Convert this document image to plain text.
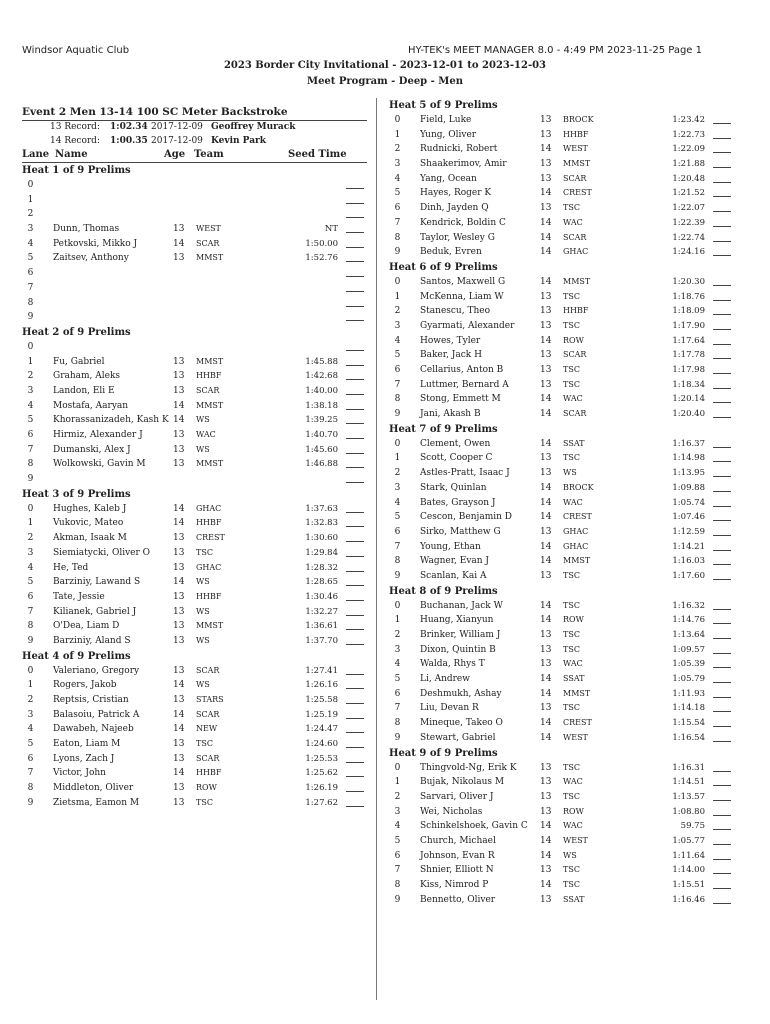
Windsor Aquatic Club	HY-TEK's MEET MANAGER 8.0 - 4:49 PM 2023-11-25 Page 1
2023 Border City Invitational - 2023-12-01 to 2023-12-03
Meet Program - Deep - Men
Event 2 Men 13-14 100 SC Meter Backstroke
13 Record: 1:02.34 2017-12-09 Geoffrey Murack
14 Record: 1:00.35 2017-12-09 Kevin Park
Lane Name	Age Team	Seed Time
Heat 1 of 9 Prelims
0
1
2
3	Dunn, Thomas	13 WEST	NT
4	Petkovski, Mikko J	14 SCAR	1:50.00
5	Zaitsev, Anthony	13 MMST	1:52.76
6
7
8
9
Heat 2 of 9 Prelims
0
1	Fu, Gabriel	13 MMST	1:45.88
2	Graham, Aleks	13 HHBF	1:42.68
3	Landon, Eli E	13 SCAR	1:40.00
4	Mostafa, Aaryan	14 MMST	1:38.18
5	Khorassanizadeh, Kash K 14 WS	1:39.25
6	Hirmiz, Alexander J	13 WAC	1:40.70
7	Dumanski, Alex J	13 WS	1:45.60
8	Wolkowski, Gavin M	13 MMST	1:46.88
9
Heat 3 of 9 Prelims
0	Hughes, Kaleb J	14 GHAC	1:37.63
1	Vukovic, Mateo	14 HHBF	1:32.83
2	Akman, Isaak M	13 CREST	1:30.60
3	Siemiatycki, Oliver O	13 TSC	1:29.84
4	He, Ted	13 GHAC	1:28.32
5	Barziniy, Lawand S	14 WS	1:28.65
6	Tate, Jessie	13 HHBF	1:30.46
7	Kilianek, Gabriel J	13 WS	1:32.27
8	O'Dea, Liam D	13 MMST	1:36.61
9	Barziniy, Aland S	13 WS	1:37.70
Heat 4 of 9 Prelims
0	Valeriano, Gregory	13 SCAR	1:27.41
1	Rogers, Jakob	14 WS	1:26.16
2	Reptsis, Cristian	13 STARS	1:25.58
3	Balasoiu, Patrick A	14 SCAR	1:25.19
4	Dawabeh, Najeeb	14 NEW	1:24.47
5	Eaton, Liam M	13 TSC	1:24.60
6	Lyons, Zach J	13 SCAR	1:25.53
7	Victor, John	14 HHBF	1:25.62
8	Middleton, Oliver	13 ROW	1:26.19
9	Zietsma, Eamon M	13 TSC	1:27.62
Heat 5 of 9 Prelims
0	Field, Luke	13 BROCK	1:23.42
1	Yung, Oliver	13 HHBF	1:22.73
2	Rudnicki, Robert	14 WEST	1:22.09
3	Shaakerimov, Amir	13 MMST	1:21.88
4	Yang, Ocean	13 SCAR	1:20.48
5	Hayes, Roger K	14 CREST	1:21.52
6	Dinh, Jayden Q	13 TSC	1:22.07
7	Kendrick, Boldin C	14 WAC	1:22.39
8	Taylor, Wesley G	14 SCAR	1:22.74
9	Beduk, Evren	14 GHAC	1:24.16
Heat 6 of 9 Prelims
0	Santos, Maxwell G	14 MMST	1:20.30
1	McKenna, Liam W	13 TSC	1:18.76
2	Stanescu, Theo	13 HHBF	1:18.09
3	Gyarmati, Alexander	13 TSC	1:17.90
4	Howes, Tyler	14 ROW	1:17.64
5	Baker, Jack H	13 SCAR	1:17.78
6	Cellarius, Anton B	13 TSC	1:17.98
7	Luttmer, Bernard A	13 TSC	1:18.34
8	Stong, Emmett M	14 WAC	1:20.14
9	Jani, Akash B	14 SCAR	1:20.40
Heat 7 of 9 Prelims
0	Clement, Owen	14 SSAT	1:16.37
1	Scott, Cooper C	13 TSC	1:14.98
2	Astles-Pratt, Isaac J	13 WS	1:13.95
3	Stark, Quinlan	14 BROCK	1:09.88
4	Bates, Grayson J	14 WAC	1:05.74
5	Cescon, Benjamin D	14 CREST	1:07.46
6	Sirko, Matthew G	13 GHAC	1:12.59
7	Young, Ethan	14 GHAC	1:14.21
8	Wagner, Evan J	14 MMST	1:16.03
9	Scanlan, Kai A	13 TSC	1:17.60
Heat 8 of 9 Prelims
0	Buchanan, Jack W	14 TSC	1:16.32
1	Huang, Xianyun	14 ROW	1:14.76
2	Brinker, William J	13 TSC	1:13.64
3	Dixon, Quintin B	13 TSC	1:09.57
4	Walda, Rhys T	13 WAC	1:05.39
5	Li, Andrew	14 SSAT	1:05.79
6	Deshmukh, Ashay	14 MMST	1:11.93
7	Liu, Devan R	13 TSC	1:14.18
8	Mineque, Takeo O	14 CREST	1:15.54
9	Stewart, Gabriel	14 WEST	1:16.54
Heat 9 of 9 Prelims
0	Thingvold-Ng, Erik K	13 TSC	1:16.31
1	Bujak, Nikolaus M	13 WAC	1:14.51
2	Sarvari, Oliver J	13 TSC	1:13.57
3	Wei, Nicholas	13 ROW	1:08.80
4	Schinkelshoek, Gavin C 14 WAC	59.75
5	Church, Michael	14 WEST	1:05.77
6	Johnson, Evan R	14 WS	1:11.64
7	Shnier, Elliott N	13 TSC	1:14.00
8	Kiss, Nimrod P	14 TSC	1:15.51
9	Bennetto, Oliver	13 SSAT	1:16.46
